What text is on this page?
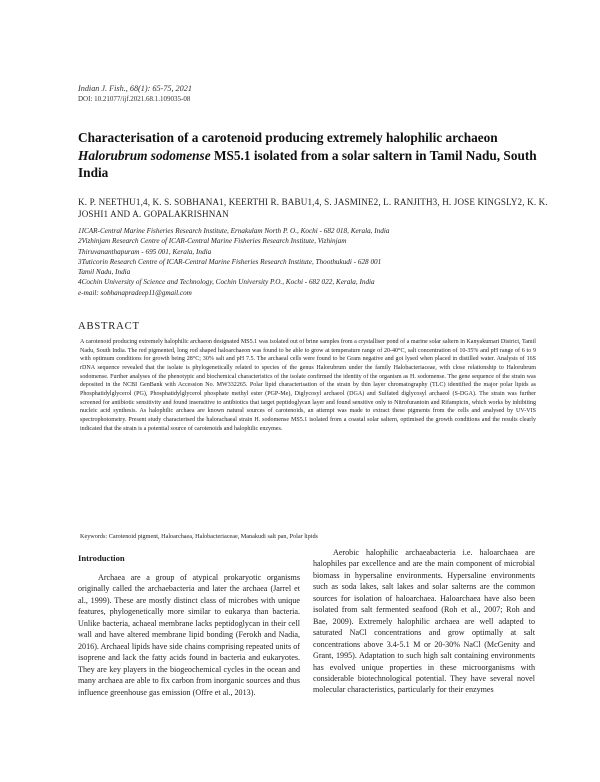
Indian J. Fish., 68(1): 65-75, 2021
DOI: 10.21077/ijf.2021.68.1.109035-08
Characterisation of a carotenoid producing extremely halophilic archaeon Halorubrum sodomense MS5.1 isolated from a solar saltern in Tamil Nadu, South India
K. P. NEETHU1,4, K. S. SOBHANA1, KEERTHI R. BABU1,4, S. JASMINE2, L. RANJITH3, H. JOSE KINGSLY2, K. K. JOSHI1 AND A. GOPALAKRISHNAN

1ICAR-Central Marine Fisheries Research Institute, Ernakulam North P. O., Kochi - 682 018, Kerala, India

2Vizhinjam Research Centre of ICAR-Central Marine Fisheries Research Institute, Vizhinjam

Thiruvananthapuram - 695 001, Kerala, India

3Tuticorin Research Centre of ICAR-Central Marine Fisheries Research Institute, Thoothukudi - 628 001

Tamil Nadu, India

4Cochin University of Science and Technology, Cochin University P.O., Kochi - 682 022, Kerala, India

e-mail: sobhanapradeep11@gmail.com

ABSTRACT
A carotenoid producing extremely halophilic archaeon designated MS5.1 was isolated out of brine samples from a crystalliser pond of a marine solar saltern in Kanyakumari District, Tamil Nadu, South India. The red pigmented, long rod shaped haloarchaeon was found to be able to grow at temperature range of 20-40°C, salt concentration of 10-35% and pH range of 6 to 9 with optimum conditions for growth being 28°C; 30% salt and pH 7.5. The archaeal cells were found to be Gram negative and got lysed when placed in distilled water. Analysis of 16S rDNA sequence revealed that the isolate is phylogenetically related to species of the genus Halorubrum under the family Halobacteriaceae, with close relationship to Halorubrum sodomense. Further analyses of the phenotypic and biochemical characteristics of the isolate confirmed the identity of the organism as H. sodomense. The gene sequence of the strain was deposited in the NCBI GenBank with Accession No. MW332265. Polar lipid characterisation of the strain by thin layer chromatography (TLC) identified the major polar lipids as Phosphatidylglycerol (PG), Phosphatidylglycerol phosphate methyl ester (PGP-Me), Diglycosyl archaeol (DGA) and Sulfated diglycosyl archaeol (S-DGA). The strain was further screened for antibiotic sensitivity and found insensitive to antibiotics that target peptidoglycan layer and found sensitive only to Nitrofurantoin and Rifampicin, which works by inhibiting nucleic acid synthesis. As halophilic archaea are known natural sources of carotenoids, an attempt was made to extract these pigments from the cells and analysed by UV-VIS spectrophotometry. Present study characterised the halorachaeal strain H. sodomense MS5.1 isolated from a coastal solar saltern, optimised the growth conditions and the results clearly indicated that the strain is a potential source of carotenoids and halophilic enzymes.
Keywords: Carotenoid pigment, Haloarchaea, Halobacteriaceae, Manakudi salt pan, Polar lipids
Introduction

Archaea are a group of atypical prokaryotic organisms originally called the archaebacteria and later the archaea (Jarrel et al., 1999). These are mostly distinct class of microbes with unique features, phylogenetically more similar to eukarya than bacteria. Unlike bacteria, achaeal membrane lacks peptidoglycan in their cell wall and have altered membrane lipid bonding (Ferokh and Nadia, 2016). Archaeal lipids have side chains comprising repeated units of isoprene and lack the fatty acids found in bacteria and eukaryotes. They are key players in the biogeochemical cycles in the ocean and many archaea are able to fix carbon from inorganic sources and thus influence greenhouse gas emission (Offre et al., 2013).

Aerobic halophilic archaeabacteria i.e. haloarchaea are halophiles par excellence and are the main component of microbial biomass in hypersaline environments. Hypersaline environments such as soda lakes, salt lakes and solar salterns are the common sources for isolation of haloarchaea. Haloarchaea have also been isolated from salt fermented seafood (Roh et al., 2007; Roh and Bae, 2009). Extremely halophilic archaea are well adapted to saturated NaCl concentrations and grow optimally at salt concentrations above 3.4-5.1 M or 20-30% NaCl (McGenity and Grant, 1995). Adaptation to such high salt containing environments has evolved unique properties in these microorganisms with considerable biotechnological potential. They have several novel molecular characteristics, particularly for their enzymes
